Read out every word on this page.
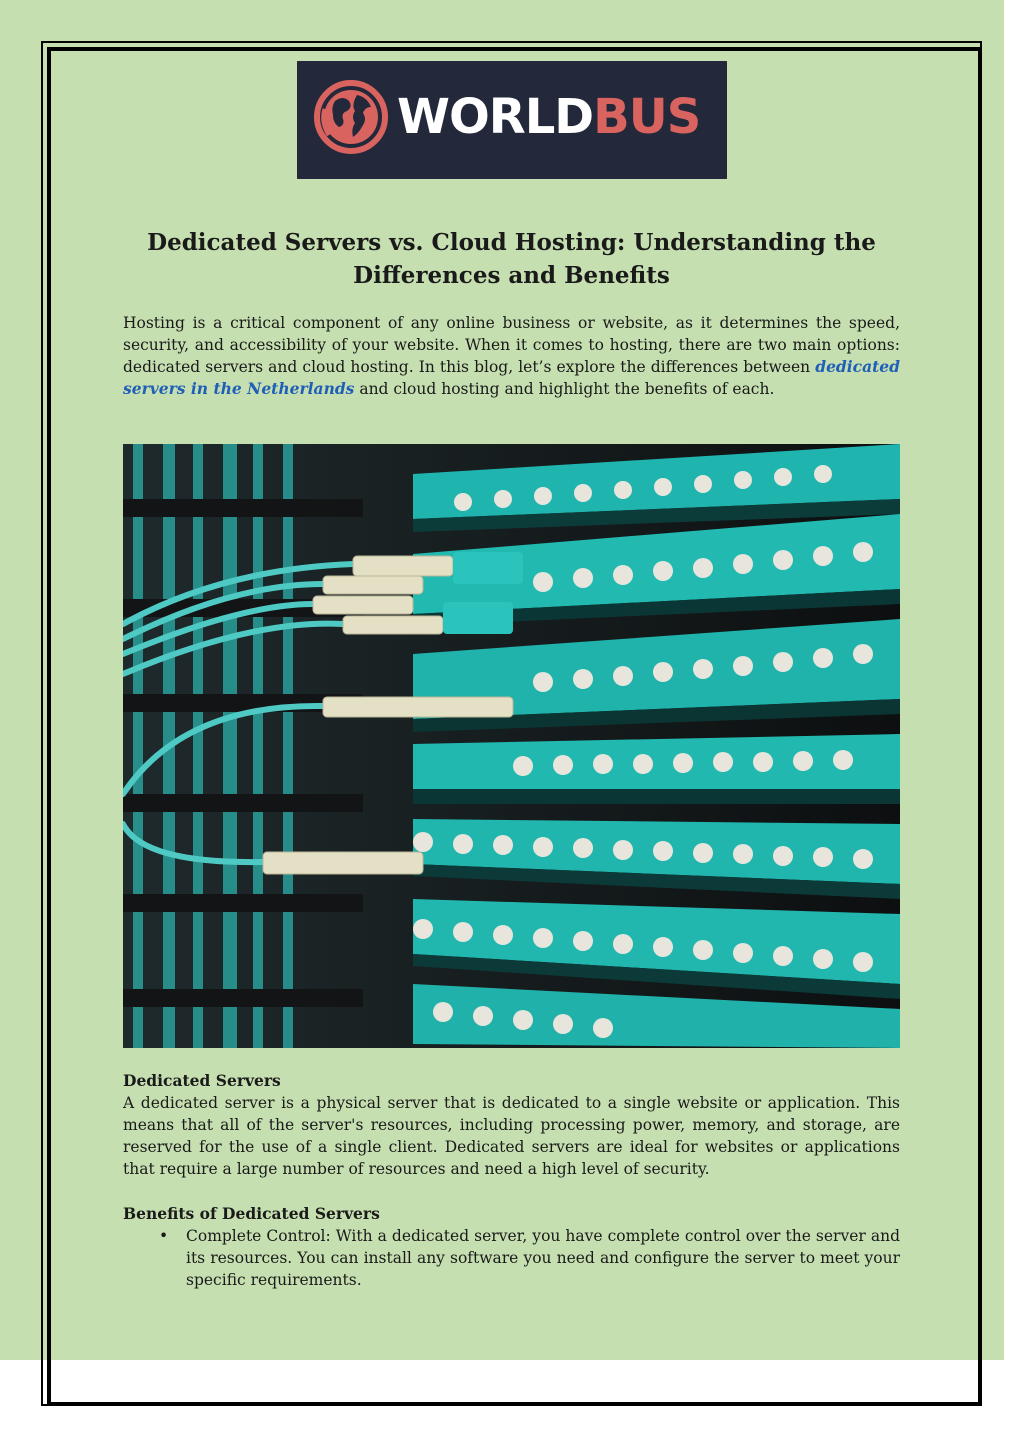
WORLDBUS
Dedicated Servers vs. Cloud Hosting: Understanding the Differences and Benefits
Hosting is a critical component of any online business or website, as it determines the speed, security, and accessibility of your website. When it comes to hosting, there are two main options: dedicated servers and cloud hosting. In this blog, let’s explore the differences between dedicated servers in the Netherlands and cloud hosting and highlight the benefits of each.
Dedicated Servers
A dedicated server is a physical server that is dedicated to a single website or application. This means that all of the server's resources, including processing power, memory, and storage, are reserved for the use of a single client. Dedicated servers are ideal for websites or applications that require a large number of resources and need a high level of security.
Benefits of Dedicated Servers
• Complete Control: With a dedicated server, you have complete control over the server and its resources. You can install any software you need and configure the server to meet your specific requirements.
